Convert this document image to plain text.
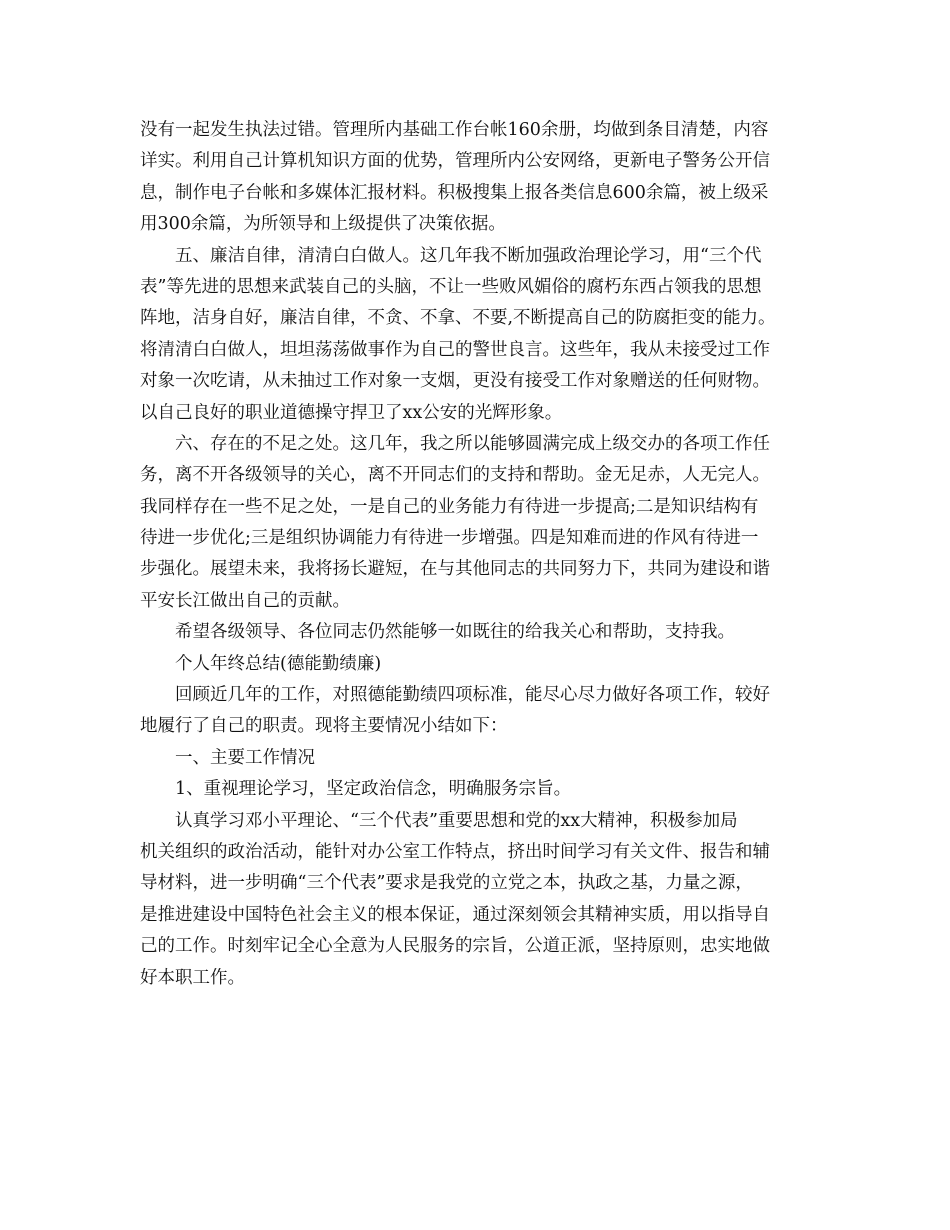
没有一起发生执法过错。管理所内基础工作台帐160余册，均做到条目清楚，内容
详实。利用自己计算机知识方面的优势，管理所内公安网络，更新电子警务公开信
息，制作电子台帐和多媒体汇报材料。积极搜集上报各类信息600余篇，被上级采
用300余篇，为所领导和上级提供了决策依据。
五、廉洁自律，清清白白做人。这几年我不断加强政治理论学习，用“三个代
表”等先进的思想来武装自己的头脑，不让一些败风媚俗的腐朽东西占领我的思想
阵地，洁身自好，廉洁自律，不贪、不拿、不要,不断提高自己的防腐拒变的能力。
将清清白白做人，坦坦荡荡做事作为自己的警世良言。这些年，我从未接受过工作
对象一次吃请，从未抽过工作对象一支烟，更没有接受工作对象赠送的任何财物。
以自己良好的职业道德操守捍卫了xx公安的光辉形象。
六、存在的不足之处。这几年，我之所以能够圆满完成上级交办的各项工作任
务，离不开各级领导的关心，离不开同志们的支持和帮助。金无足赤，人无完人。
我同样存在一些不足之处，一是自己的业务能力有待进一步提高;二是知识结构有
待进一步优化;三是组织协调能力有待进一步增强。四是知难而进的作风有待进一
步强化。展望未来，我将扬长避短，在与其他同志的共同努力下，共同为建设和谐
平安长江做出自己的贡献。
希望各级领导、各位同志仍然能够一如既往的给我关心和帮助，支持我。
个人年终总结(德能勤绩廉)
回顾近几年的工作，对照德能勤绩四项标准，能尽心尽力做好各项工作，较好
地履行了自己的职责。现将主要情况小结如下：
一、主要工作情况
1、重视理论学习，坚定政治信念，明确服务宗旨。
认真学习邓小平理论、“三个代表”重要思想和党的xx大精神，积极参加局
机关组织的政治活动，能针对办公室工作特点，挤出时间学习有关文件、报告和辅
导材料，进一步明确“三个代表”要求是我党的立党之本，执政之基，力量之源，
是推进建设中国特色社会主义的根本保证，通过深刻领会其精神实质，用以指导自
己的工作。时刻牢记全心全意为人民服务的宗旨，公道正派，坚持原则，忠实地做
好本职工作。
